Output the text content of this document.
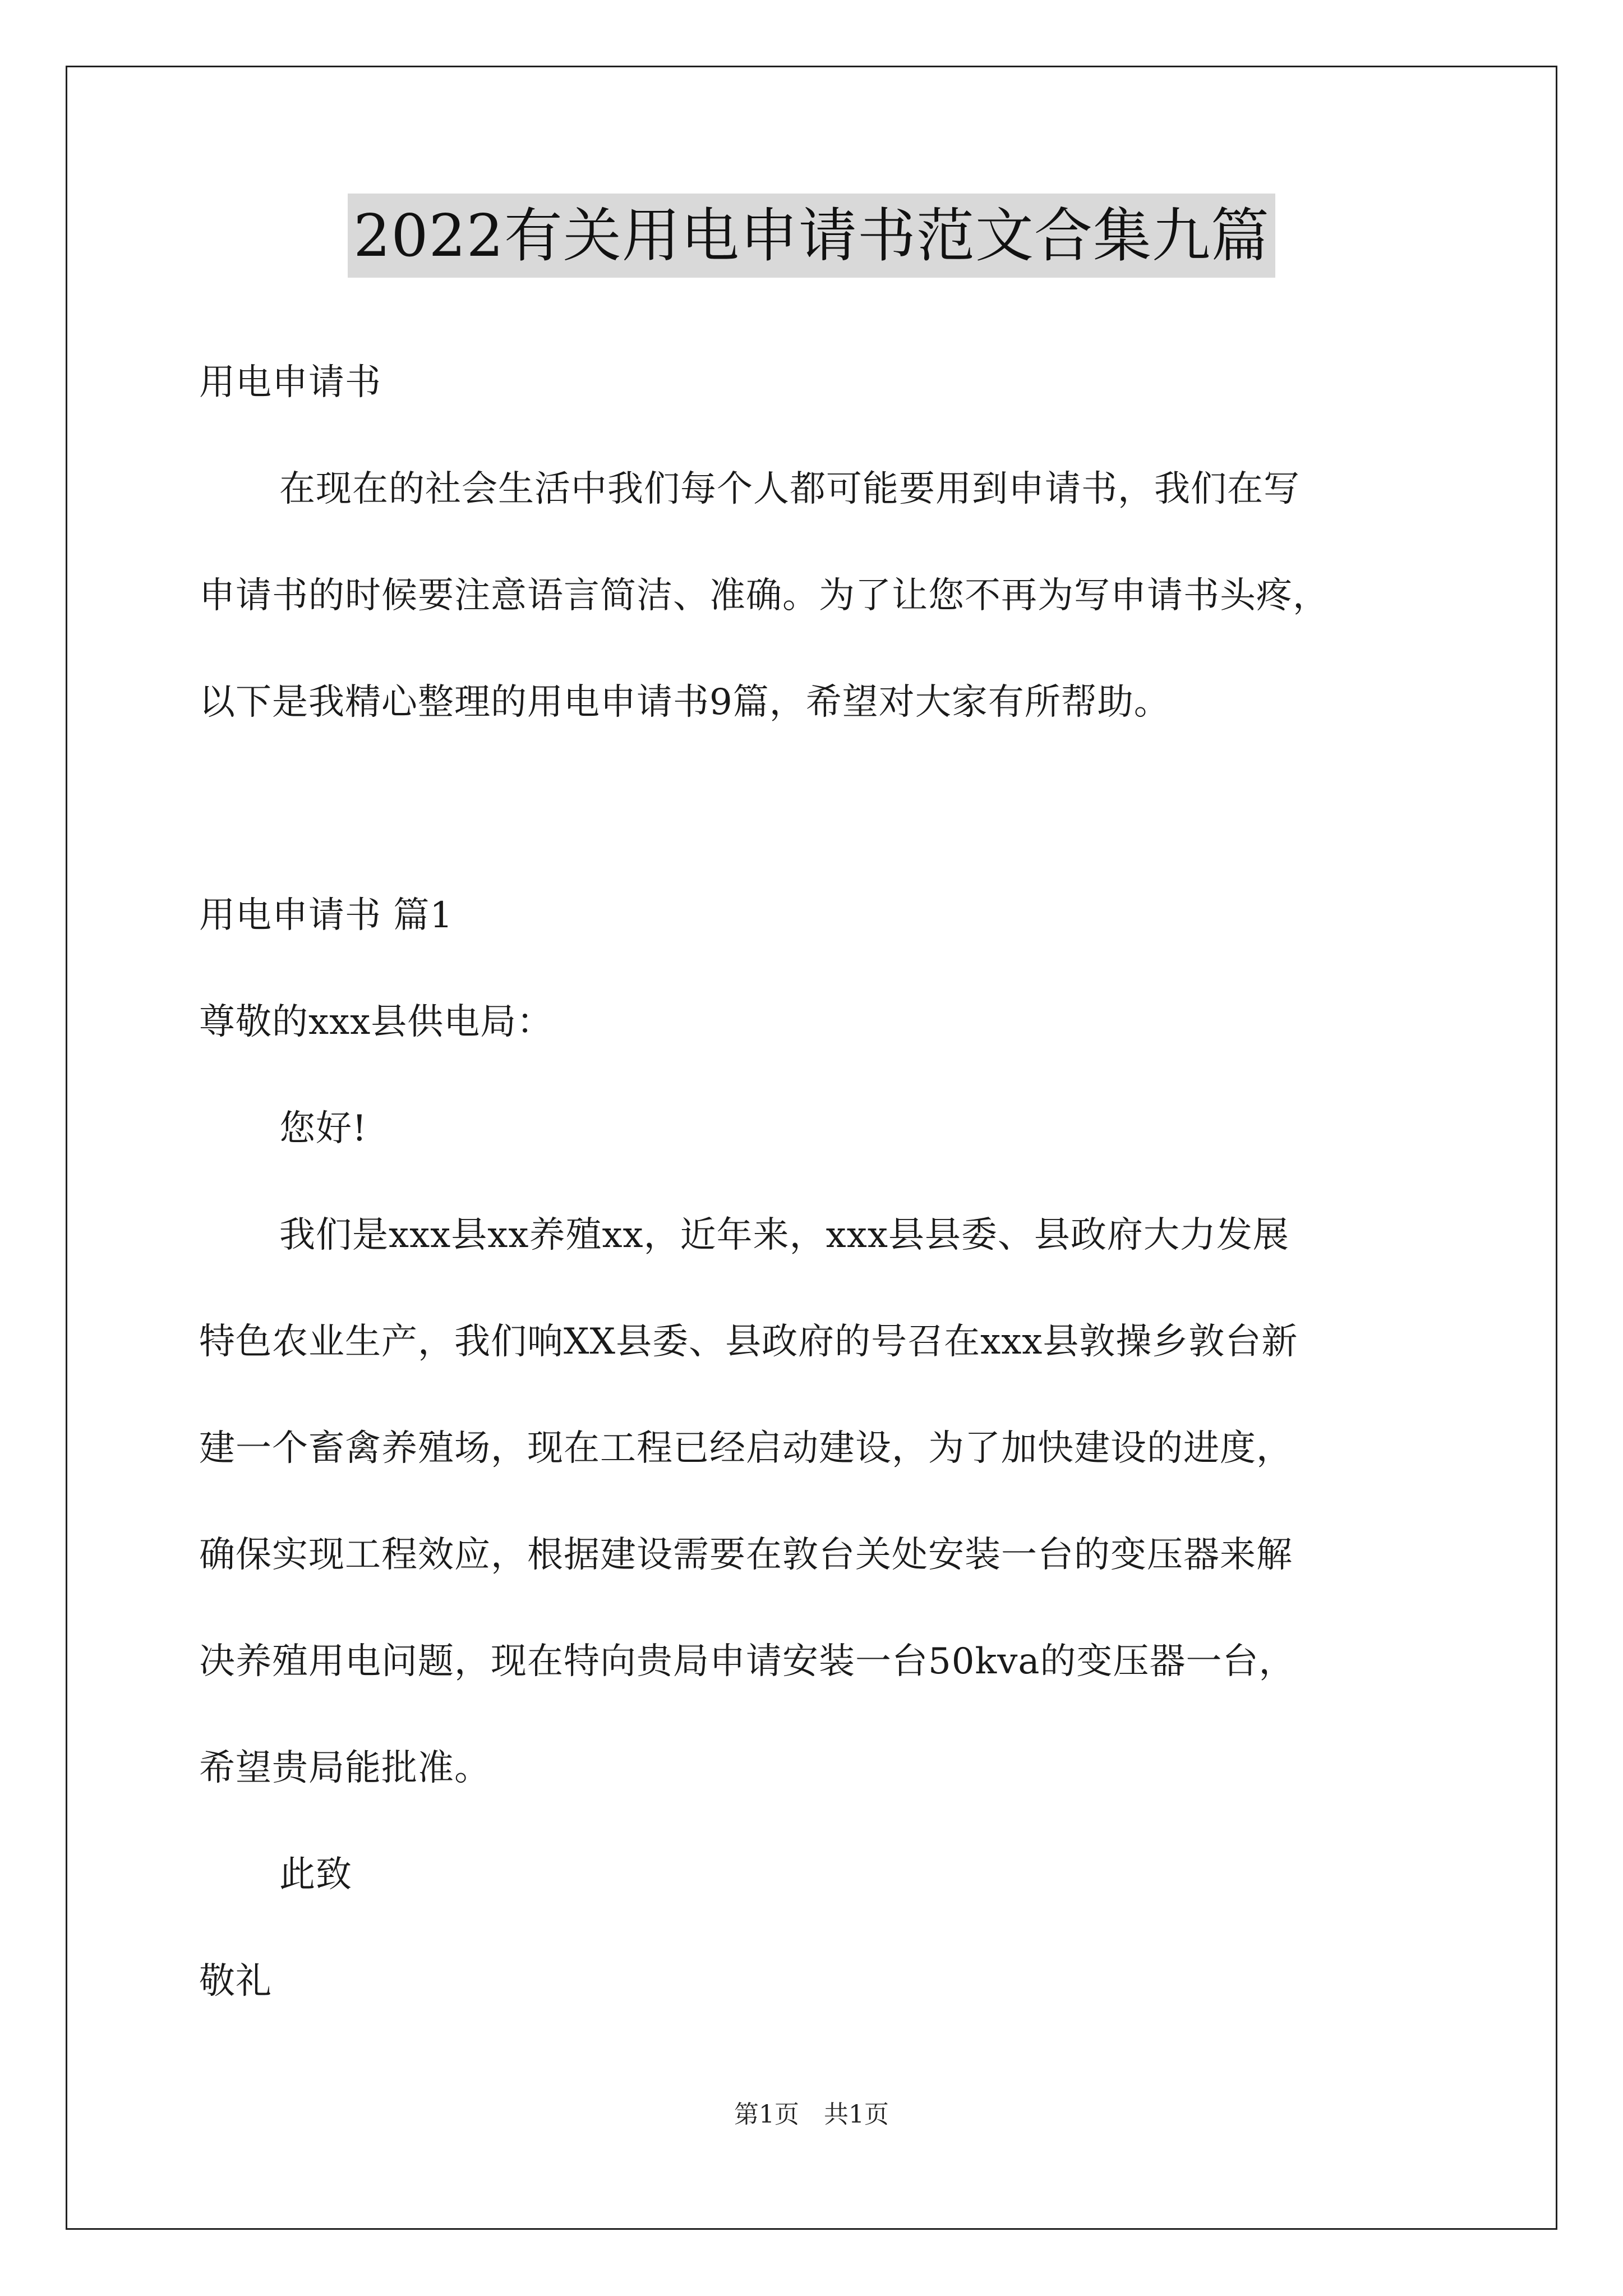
2022有关用电申请书范文合集九篇
用电申请书
在现在的社会生活中我们每个人都可能要用到申请书，我们在写
申请书的时候要注意语言简洁、准确。为了让您不再为写申请书头疼，
以下是我精心整理的用电申请书9篇，希望对大家有所帮助。
用电申请书 篇1
尊敬的xxx县供电局：
您好!
我们是xxx县xx养殖xx，近年来，xxx县县委、县政府大力发展
特色农业生产，我们响XX县委、县政府的号召在xxx县敦操乡敦台新
建一个畜禽养殖场，现在工程已经启动建设，为了加快建设的进度，
确保实现工程效应，根据建设需要在敦台关处安装一台的变压器来解
决养殖用电问题，现在特向贵局申请安装一台50kva的变压器一台，
希望贵局能批准。
此致
敬礼
第1页　共1页
